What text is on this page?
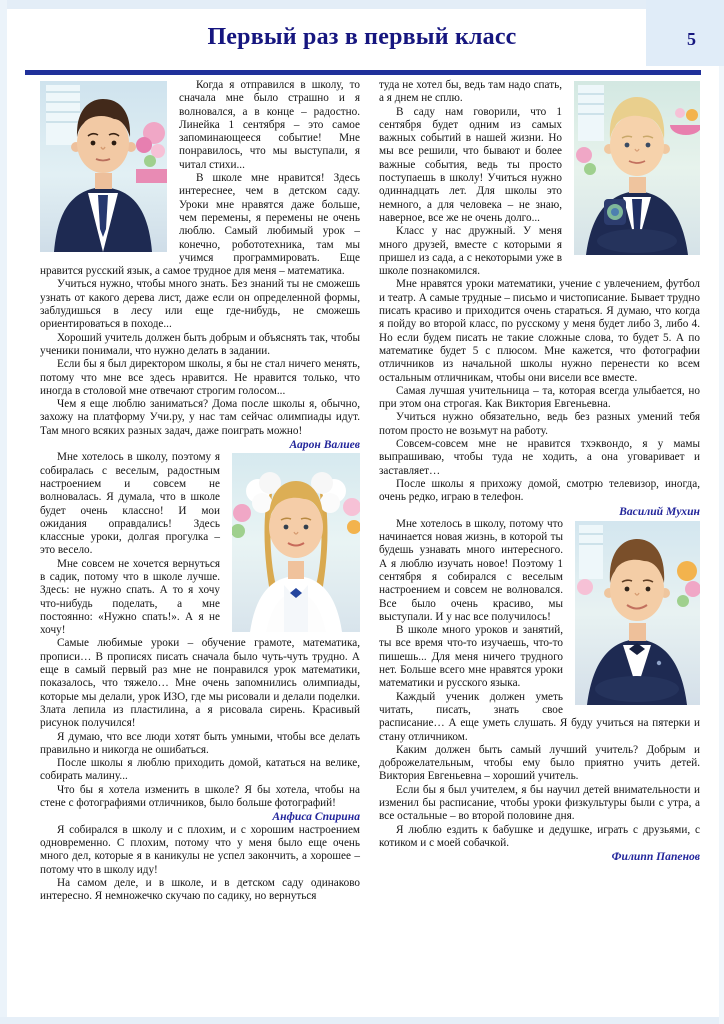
Первый раз в первый класс	5

Когда я отправился в школу, то сначала мне было страшно и я волновался, а в конце – радостно. Линейка 1 сентября – это самое запоминающееся событие! Мне понравилось, что мы выступали, я читал стихи...

В школе мне нравится! Здесь интереснее, чем в детском саду. Уроки мне нравятся даже больше, чем перемены, я перемены не очень люблю. Самый любимый урок – конечно, робототехника, там мы учимся программировать. Еще нравится русский язык, а самое трудное для меня – математика.

Учиться нужно, чтобы много знать. Без знаний ты не сможешь узнать от какого дерева лист, даже если он определенной формы, заблудишься в лесу или еще где-нибудь, не сможешь ориентироваться в походе...

Хороший учитель должен быть добрым и объяснять так, чтобы ученики понимали, что нужно делать в задании.

Если бы я был директором школы, я бы не стал ничего менять, потому что мне все здесь нравится. Не нравится только, что иногда в столовой мне отвечают строгим голосом...

Чем я еще люблю заниматься? Дома после школы я, обычно, захожу на платформу Учи.ру, у нас там сейчас олимпиады идут. Там много всяких разных задач, даже поиграть можно!

Аарон Валиев

Мне хотелось в школу, поэтому я собиралась с веселым, радостным настроением и совсем не волновалась. Я думала, что в школе будет очень классно! И мои ожидания оправдались! Здесь классные уроки, долгая прогулка – это весело.

Мне совсем не хочется вернуться в садик, потому что в школе лучше. Здесь: не нужно спать. А то я хочу что-нибудь поделать, а мне постоянно: «Нужно спать!». А я не хочу!

Самые любимые уроки – обучение грамоте, математика, прописи… В прописях писать сначала было чуть-чуть трудно. А еще в самый первый раз мне не понравился урок математики, показалось, что тяжело… Мне очень запомнились олимпиады, которые мы делали, урок ИЗО, где мы рисовали и делали поделки. Злата лепила из пластилина, а я рисовала сирень. Красивый рисунок получился!

Я думаю, что все люди хотят быть умными, чтобы все делать правильно и никогда не ошибаться.

После школы я люблю приходить домой, кататься на велике, собирать малину...

Что бы я хотела изменить в школе? Я бы хотела, чтобы на стене с фотографиями отличников, было больше фотографий!

Анфиса Спирина

Я собирался в школу и с плохим, и с хорошим настроением одновременно. С плохим, потому что у меня было еще очень много дел, которые я в каникулы не успел закончить, а хорошее – потому что в школу иду!

На самом деле, и в школе, и в детском саду одинаково интересно. Я немножечко скучаю по садику, но вернуться

туда не хотел бы, ведь там надо спать, а я днем не сплю.

В саду нам говорили, что 1 сентября будет одним из самых важных событий в нашей жизни. Но мы все решили, что бывают и более важные события, ведь ты просто поступаешь в школу! Учиться нужно одиннадцать лет. Для школы это немного, а для человека – не знаю, наверное, все же не очень долго...

Класс у нас дружный. У меня много друзей, вместе с которыми я пришел из сада, а с некоторыми уже в школе познакомился.

Мне нравятся уроки математики, учение с увлечением, футбол и театр. А самые трудные – письмо и чистописание. Бывает трудно писать красиво и приходится очень стараться. Я думаю, что когда я пойду во второй класс, по русскому у меня будет либо 3, либо 4. Но если будем писать не такие сложные слова, то будет 5. А по математике будет 5 с плюсом. Мне кажется, что фотографии отличников из начальной школы нужно перенести ко всем остальным отличникам, чтобы они висели все вместе.

Самая лучшая учительница – та, которая всегда улыбается, но при этом она строгая. Как Виктория Евгеньевна.

Учиться нужно обязательно, ведь без разных умений тебя потом просто не возьмут на работу.

Совсем-совсем мне не нравится тхэквондо, я у мамы выпрашиваю, чтобы туда не ходить, а она уговаривает и заставляет…

После школы я прихожу домой, смотрю телевизор, иногда, очень редко, играю в телефон.

Василий Мухин

Мне хотелось в школу, потому что начинается новая жизнь, в которой ты будешь узнавать много интересного. А я люблю изучать новое! Поэтому 1 сентября я собирался с веселым настроением и совсем не волновался. Все было очень красиво, мы выступали. И у нас все получилось!

В школе много уроков и занятий, ты все время что-то изучаешь, что-то пишешь... Для меня ничего трудного нет. Больше всего мне нравятся уроки математики и русского языка.

Каждый ученик должен уметь читать, писать, знать свое расписание… А еще уметь слушать. Я буду учиться на пятерки и стану отличником.

Каким должен быть самый лучший учитель? Добрым и доброжелательным, чтобы ему было приятно учить детей. Виктория Евгеньевна – хороший учитель.

Если бы я был учителем, я бы научил детей внимательности и изменил бы расписание, чтобы уроки физкультуры были с утра, а все остальные – во второй половине дня.

Я люблю ездить к бабушке и дедушке, играть с друзьями, с котиком и с моей собачкой.

Филипп Папенов
